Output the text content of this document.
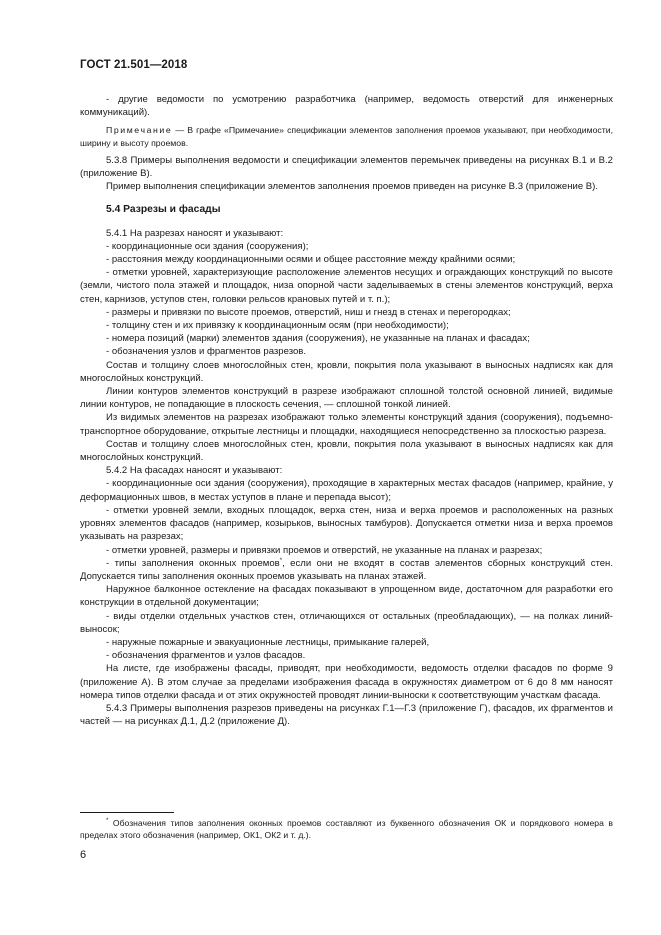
ГОСТ 21.501—2018

- другие ведомости по усмотрению разработчика (например, ведомость отверстий для инженерных коммуникаций).

Примечание — В графе «Примечание» спецификации элементов заполнения проемов указывают, при необходимости, ширину и высоту проемов.

5.3.8 Примеры выполнения ведомости и спецификации элементов перемычек приведены на рисунках В.1 и В.2 (приложение В).

Пример выполнения спецификации элементов заполнения проемов приведен на рисунке В.3 (приложение В).

5.4 Разрезы и фасады

5.4.1 На разрезах наносят и указывают:

- координационные оси здания (сооружения);

- расстояния между координационными осями и общее расстояние между крайними осями;

- отметки уровней, характеризующие расположение элементов несущих и ограждающих конструкций по высоте (земли, чистого пола этажей и площадок, низа опорной части заделываемых в стены элементов конструкций, верха стен, карнизов, уступов стен, головки рельсов крановых путей и т. п.);

- размеры и привязки по высоте проемов, отверстий, ниш и гнезд в стенах и перегородках;

- толщину стен и их привязку к координационным осям (при необходимости);

- номера позиций (марки) элементов здания (сооружения), не указанные на планах и фасадах;

- обозначения узлов и фрагментов разрезов.

Состав и толщину слоев многослойных стен, кровли, покрытия пола указывают в выносных надписях как для многослойных конструкций.

Линии контуров элементов конструкций в разрезе изображают сплошной толстой основной линией, видимые линии контуров, не попадающие в плоскость сечения, — сплошной тонкой линией.

Из видимых элементов на разрезах изображают только элементы конструкций здания (сооружения), подъемно-транспортное оборудование, открытые лестницы и площадки, находящиеся непосредственно за плоскостью разреза.

Состав и толщину слоев многослойных стен, кровли, покрытия пола указывают в выносных надписях как для многослойных конструкций.

5.4.2 На фасадах наносят и указывают:

- координационные оси здания (сооружения), проходящие в характерных местах фасадов (например, крайние, у деформационных швов, в местах уступов в плане и перепада высот);

- отметки уровней земли, входных площадок, верха стен, низа и верха проемов и расположенных на разных уровнях элементов фасадов (например, козырьков, выносных тамбуров). Допускается отметки низа и верха проемов указывать на разрезах;

- отметки уровней, размеры и привязки проемов и отверстий, не указанные на планах и разрезах;

- типы заполнения оконных проемов*, если они не входят в состав элементов сборных конструкций стен. Допускается типы заполнения оконных проемов указывать на планах этажей.

Наружное балконное остекление на фасадах показывают в упрощенном виде, достаточном для разработки его конструкции в отдельной документации;

- виды отделки отдельных участков стен, отличающихся от остальных (преобладающих), — на полках линий-выносок;

- наружные пожарные и эвакуационные лестницы, примыкание галерей,

- обозначения фрагментов и узлов фасадов.

На листе, где изображены фасады, приводят, при необходимости, ведомость отделки фасадов по форме 9 (приложение А). В этом случае за пределами изображения фасада в окружностях диаметром от 6 до 8 мм наносят номера типов отделки фасада и от этих окружностей проводят линии-выноски к соответствующим участкам фасада.

5.4.3 Примеры выполнения разрезов приведены на рисунках Г.1—Г.3 (приложение Г), фасадов, их фрагментов и частей — на рисунках Д.1, Д.2 (приложение Д).

* Обозначения типов заполнения оконных проемов составляют из буквенного обозначения ОК и порядкового номера в пределах этого обозначения (например, ОК1, ОК2 и т. д.).

6
